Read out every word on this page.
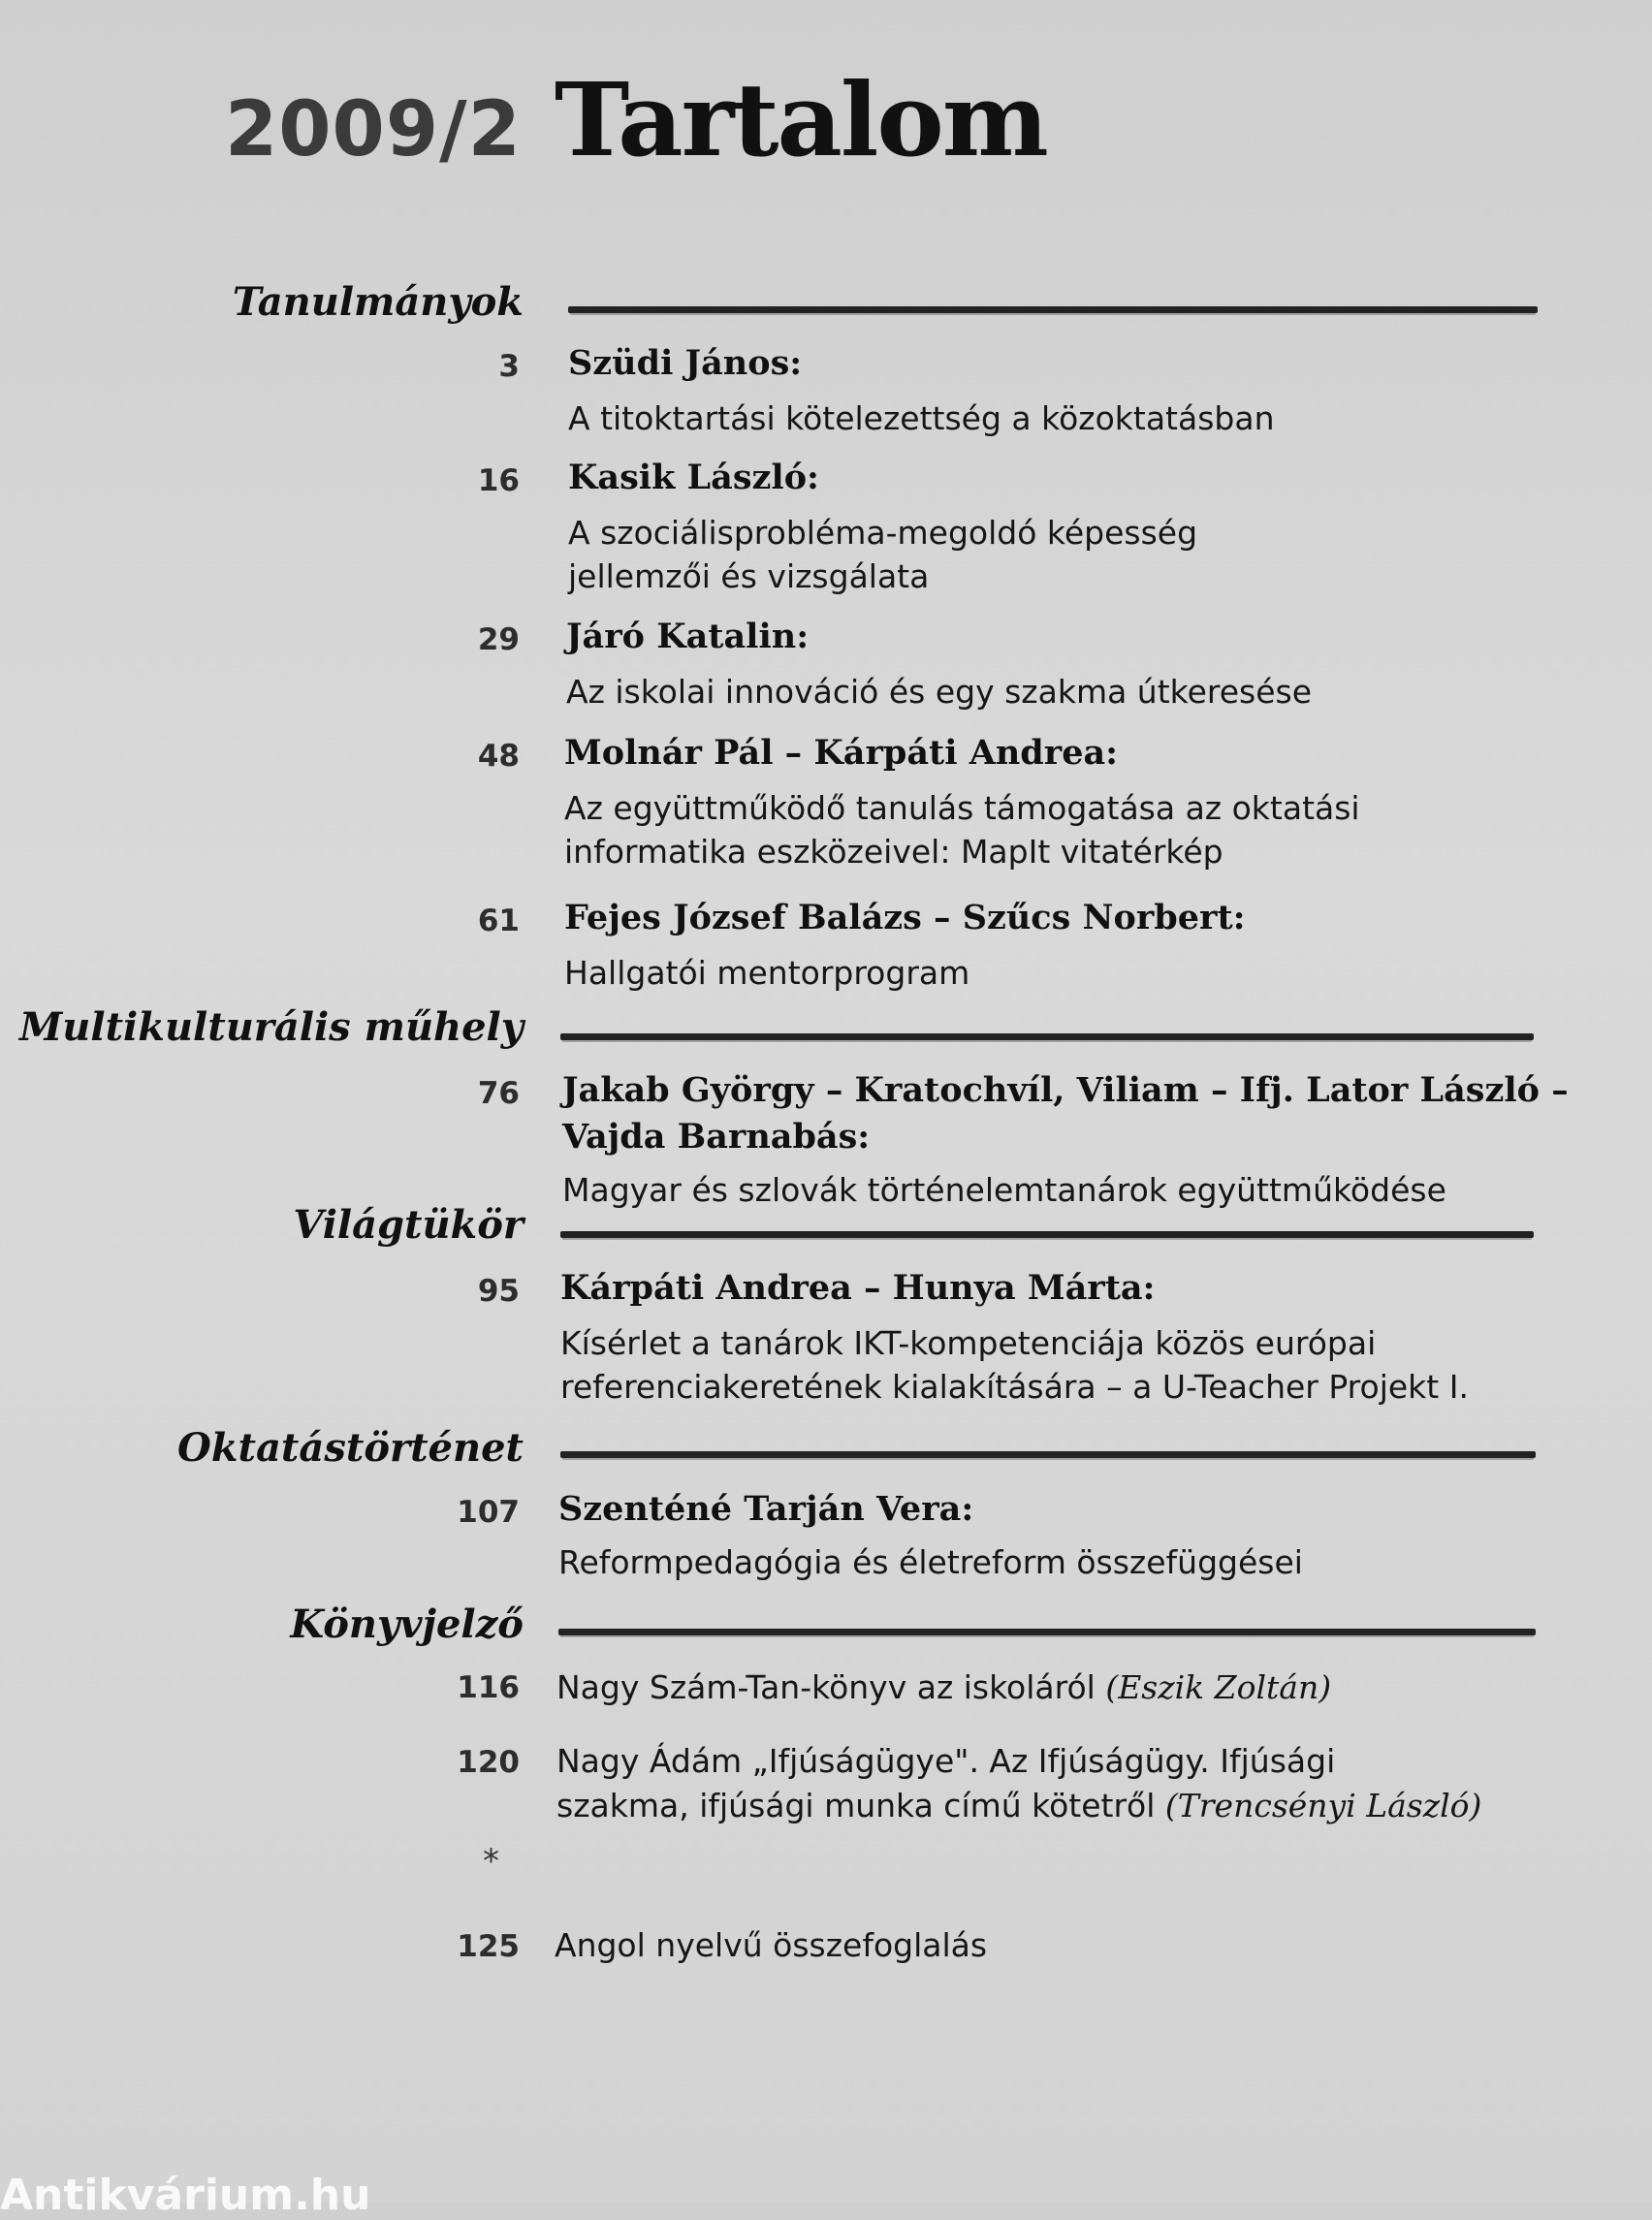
2009/2 Tartalom
Tanulmányok
3 Szüdi János:
A titoktartási kötelezettség a közoktatásban
16 Kasik László:
A szociálisprobléma-megoldó képesség
jellemzői és vizsgálata
29 Járó Katalin:
Az iskolai innováció és egy szakma útkeresése
48 Molnár Pál – Kárpáti Andrea:
Az együttműködő tanulás támogatása az oktatási
informatika eszközeivel: MapIt vitatérkép
61 Fejes József Balázs – Szűcs Norbert:
Hallgatói mentorprogram
Multikulturális műhely
76 Jakab György – Kratochvíl, Viliam – Ifj. Lator László –
Vajda Barnabás:
Magyar és szlovák történelemtanárok együttműködése
Világtükör
95 Kárpáti Andrea – Hunya Márta:
Kísérlet a tanárok IKT-kompetenciája közös európai
referenciakeretének kialakítására – a U-Teacher Projekt I.
Oktatástörténet
107 Szenténé Tarján Vera:
Reformpedagógia és életreform összefüggései
Könyvjelző
116 Nagy Szám-Tan-könyv az iskoláról (Eszik Zoltán)
120 Nagy Ádám „Ifjúságügye". Az Ifjúságügy. Ifjúsági
szakma, ifjúsági munka című kötetről (Trencsényi László)
*
125 Angol nyelvű összefoglalás
Antikvárium.hu
